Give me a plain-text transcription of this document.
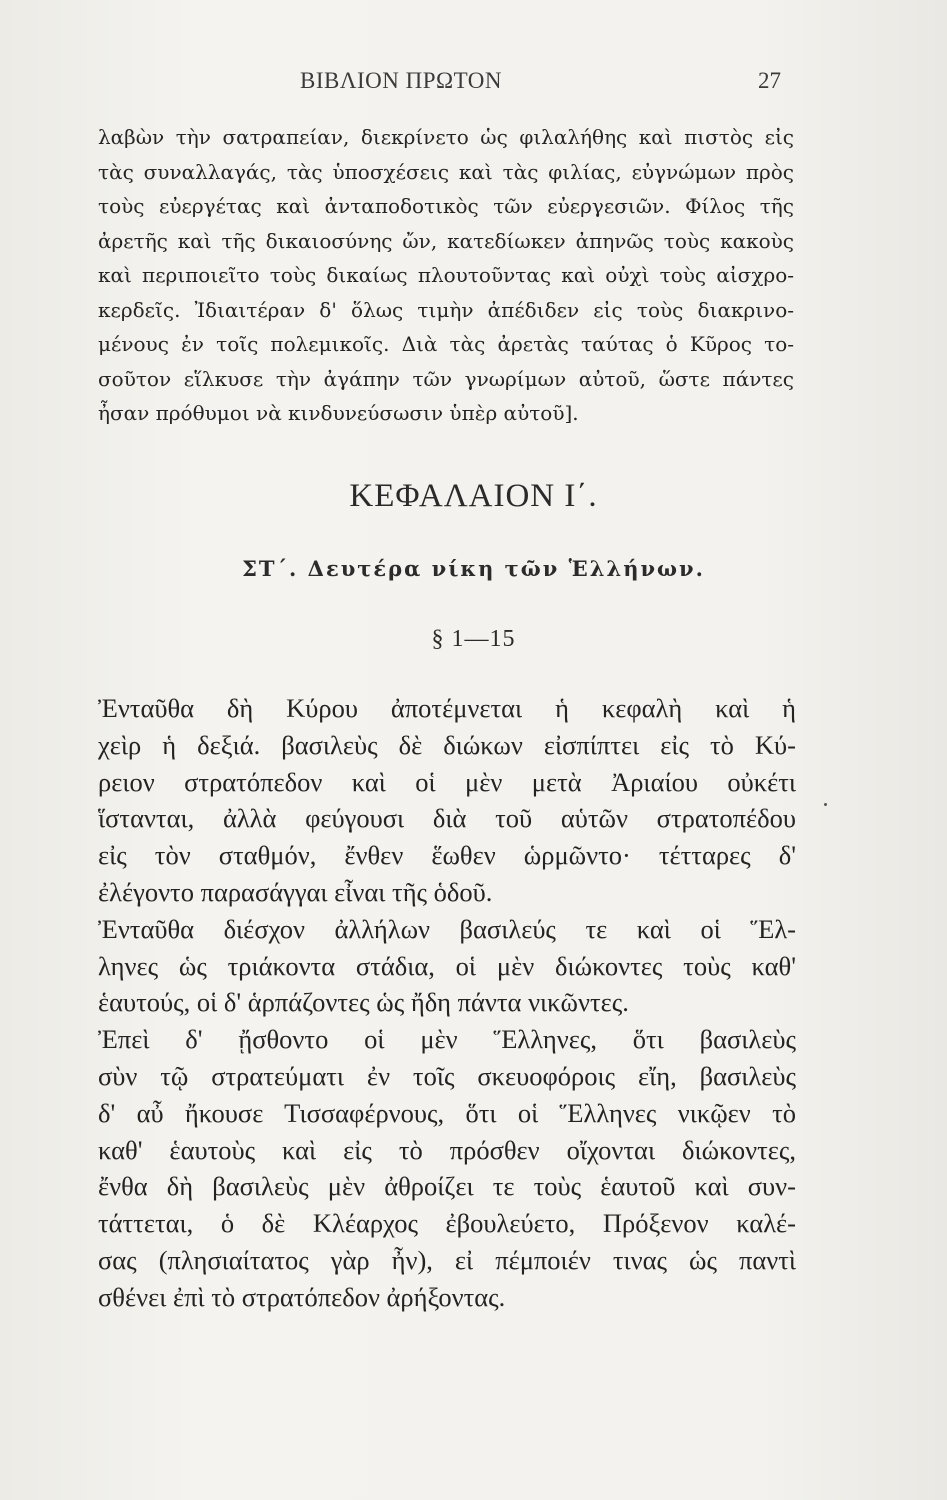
ΒΙΒΛΙΟΝ ΠΡΩΤΟΝ	27
λαβὼν τὴν σατραπείαν, διεκρίνετο ὡς φιλαλήθης καὶ πιστὸς εἰς
τὰς συναλλαγάς, τὰς ὑποσχέσεις καὶ τὰς φιλίας, εὐγνώμων πρὸς
τοὺς εὐεργέτας καὶ ἀνταποδοτικὸς τῶν εὐεργεσιῶν. Φίλος τῆς
ἀρετῆς καὶ τῆς δικαιοσύνης ὤν, κατεδίωκεν ἀπηνῶς τοὺς κακοὺς
καὶ περιποιεῖτο τοὺς δικαίως πλουτοῦντας καὶ οὐχὶ τοὺς αἰσχρο-
κερδεῖς. Ἰδιαιτέραν δ' ὅλως τιμὴν ἀπέδιδεν εἰς τοὺς διακρινο-
μένους ἐν τοῖς πολεμικοῖς. Διὰ τὰς ἀρετὰς ταύτας ὁ Κῦρος το-
σοῦτον εἵλκυσε τὴν ἀγάπην τῶν γνωρίμων αὐτοῦ, ὥστε πάντες
ἦσαν πρόθυμοι νὰ κινδυνεύσωσιν ὑπὲρ αὐτοῦ].
ΚΕΦΑΛΑΙΟΝ Ι΄.
ΣΤ΄. Δευτέρα νίκη τῶν Ἑλλήνων.
§ 1—15
Ἐνταῦθα δὴ Κύρου ἀποτέμνεται ἡ κεφαλὴ καὶ ἡ
χεὶρ ἡ δεξιά. βασιλεὺς δὲ διώκων εἰσπίπτει εἰς τὸ Κύ-
ρειον στρατόπεδον καὶ οἱ μὲν μετὰ Ἀριαίου οὐκέτι
ἵστανται, ἀλλὰ φεύγουσι διὰ τοῦ αὑτῶν στρατοπέδου
εἰς τὸν σταθμόν, ἔνθεν ἕωθεν ὡρμῶντο· τέτταρες δ'
ἐλέγοντο παρασάγγαι εἶναι τῆς ὁδοῦ.
Ἐνταῦθα διέσχον ἀλλήλων βασιλεύς τε καὶ οἱ Ἕλ-
ληνες ὡς τριάκοντα στάδια, οἱ μὲν διώκοντες τοὺς καθ'
ἑαυτούς, οἱ δ' ἁρπάζοντες ὡς ἤδη πάντα νικῶντες.
Ἐπεὶ δ' ᾔσθοντο οἱ μὲν Ἕλληνες, ὅτι βασιλεὺς
σὺν τῷ στρατεύματι ἐν τοῖς σκευοφόροις εἴη, βασιλεὺς
δ' αὖ ἤκουσε Τισσαφέρνους, ὅτι οἱ Ἕλληνες νικῷεν τὸ
καθ' ἑαυτοὺς καὶ εἰς τὸ πρόσθεν οἴχονται διώκοντες,
ἔνθα δὴ βασιλεὺς μὲν ἀθροίζει τε τοὺς ἑαυτοῦ καὶ συν-
τάττεται, ὁ δὲ Κλέαρχος ἐβουλεύετο, Πρόξενον καλέ-
σας (πλησιαίτατος γὰρ ἦν), εἰ πέμποιέν τινας ὡς παντὶ
σθένει ἐπὶ τὸ στρατόπεδον ἀρήξοντας.
